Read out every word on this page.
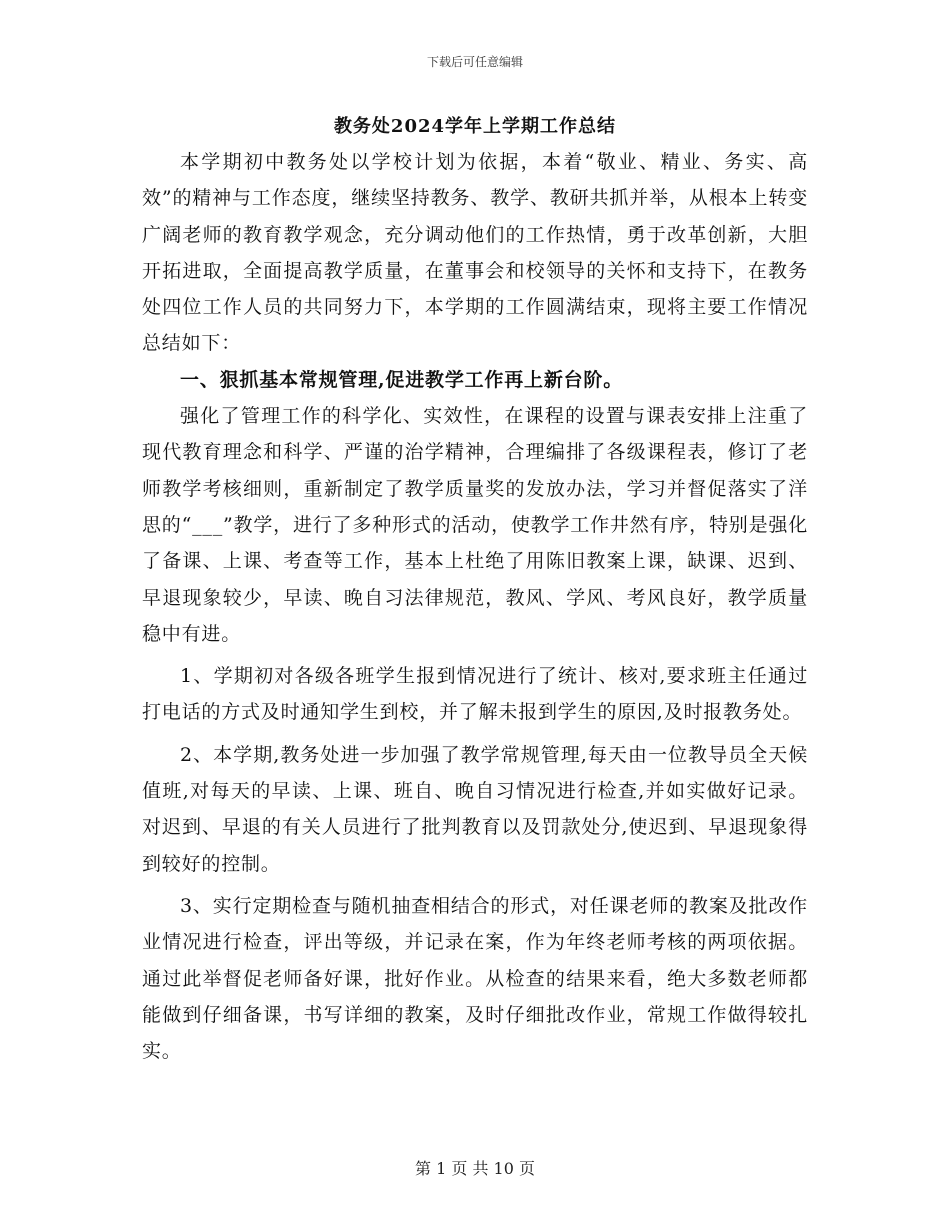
下载后可任意编辑
教务处2024学年上学期工作总结

本学期初中教务处以学校计划为依据，本着“敬业、精业、务实、高效”的精神与工作态度，继续坚持教务、教学、教研共抓并举，从根本上转变广阔老师的教育教学观念，充分调动他们的工作热情，勇于改革创新，大胆开拓进取，全面提高教学质量，在董事会和校领导的关怀和支持下，在教务处四位工作人员的共同努力下，本学期的工作圆满结束，现将主要工作情况总结如下：

一、狠抓基本常规管理,促进教学工作再上新台阶。

强化了管理工作的科学化、实效性，在课程的设置与课表安排上注重了现代教育理念和科学、严谨的治学精神，合理编排了各级课程表，修订了老师教学考核细则，重新制定了教学质量奖的发放办法，学习并督促落实了洋思的“___”教学，进行了多种形式的活动，使教学工作井然有序，特别是强化了备课、上课、考查等工作，基本上杜绝了用陈旧教案上课，缺课、迟到、早退现象较少，早读、晚自习法律规范，教风、学风、考风良好，教学质量稳中有进。

1、学期初对各级各班学生报到情况进行了统计、核对,要求班主任通过打电话的方式及时通知学生到校，并了解未报到学生的原因,及时报教务处。

2、本学期,教务处进一步加强了教学常规管理,每天由一位教导员全天候值班,对每天的早读、上课、班自、晚自习情况进行检查,并如实做好记录。对迟到、早退的有关人员进行了批判教育以及罚款处分,使迟到、早退现象得到较好的控制。

3、实行定期检查与随机抽查相结合的形式，对任课老师的教案及批改作业情况进行检查，评出等级，并记录在案，作为年终老师考核的两项依据。通过此举督促老师备好课，批好作业。从检查的结果来看，绝大多数老师都能做到仔细备课，书写详细的教案，及时仔细批改作业，常规工作做得较扎实。

第 1 页 共 10 页
